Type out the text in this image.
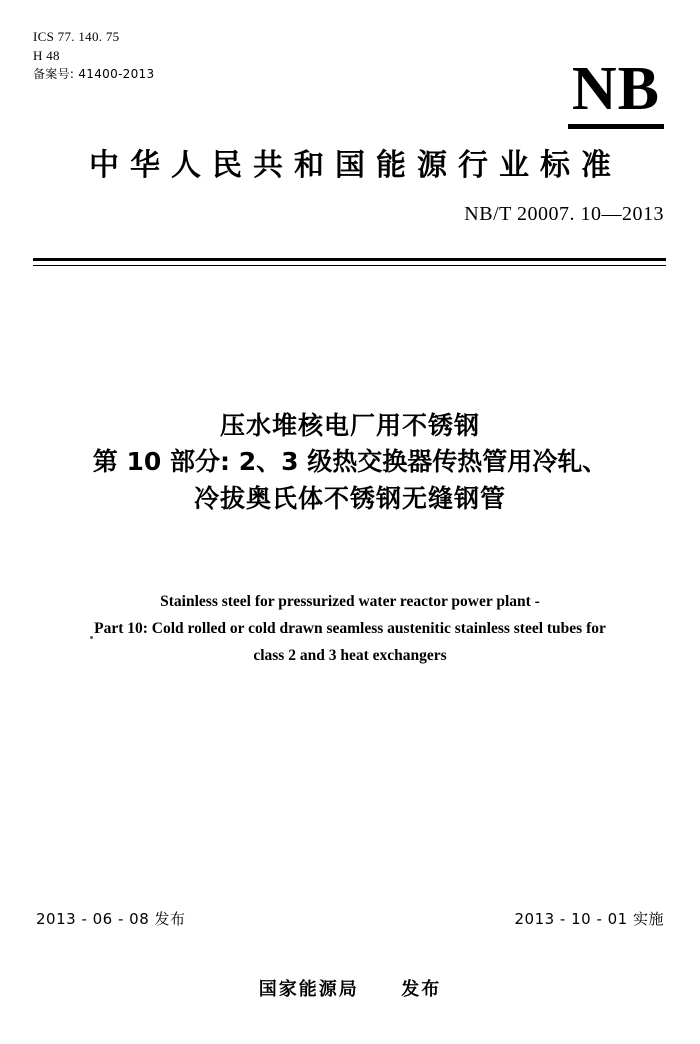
ICS 77. 140. 75
H 48
备案号: 41400-2013	NB
中华人民共和国能源行业标准
NB/T 20007. 10—2013
压水堆核电厂用不锈钢
第 10 部分: 2、3 级热交换器传热管用冷轧、
冷拔奥氏体不锈钢无缝钢管
Stainless steel for pressurized water reactor power plant -
Part 10: Cold rolled or cold drawn seamless austenitic stainless steel tubes for
class 2 and 3 heat exchangers
2013 - 06 - 08 发布	2013 - 10 - 01 实施
国家能源局 发布
